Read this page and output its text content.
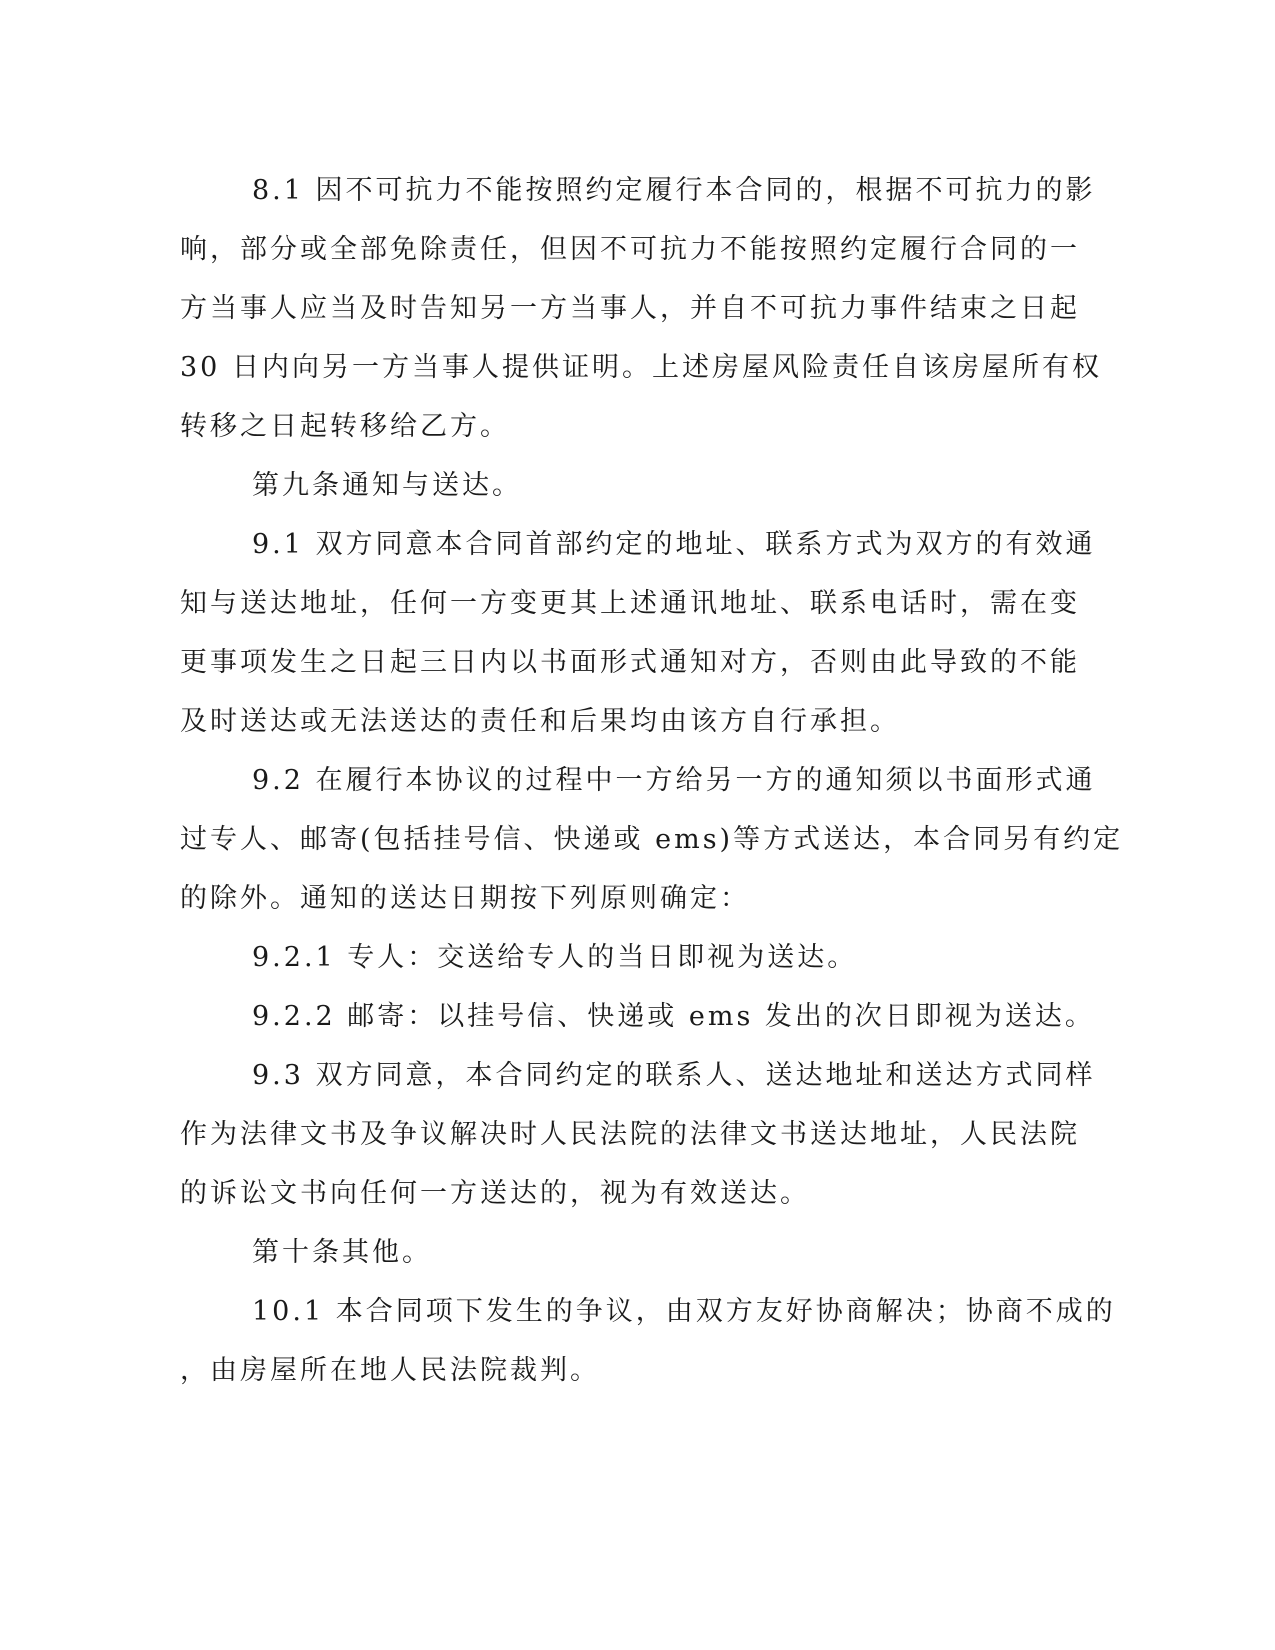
8.1 因不可抗力不能按照约定履行本合同的，根据不可抗力的影
响，部分或全部免除责任，但因不可抗力不能按照约定履行合同的一
方当事人应当及时告知另一方当事人，并自不可抗力事件结束之日起
30 日内向另一方当事人提供证明。上述房屋风险责任自该房屋所有权
转移之日起转移给乙方。
第九条通知与送达。
9.1 双方同意本合同首部约定的地址、联系方式为双方的有效通
知与送达地址，任何一方变更其上述通讯地址、联系电话时，需在变
更事项发生之日起三日内以书面形式通知对方，否则由此导致的不能
及时送达或无法送达的责任和后果均由该方自行承担。
9.2 在履行本协议的过程中一方给另一方的通知须以书面形式通
过专人、邮寄(包括挂号信、快递或 ems)等方式送达，本合同另有约定
的除外。通知的送达日期按下列原则确定：
9.2.1 专人：交送给专人的当日即视为送达。
9.2.2 邮寄：以挂号信、快递或 ems 发出的次日即视为送达。
9.3 双方同意，本合同约定的联系人、送达地址和送达方式同样
作为法律文书及争议解决时人民法院的法律文书送达地址，人民法院
的诉讼文书向任何一方送达的，视为有效送达。
第十条其他。
10.1 本合同项下发生的争议，由双方友好协商解决；协商不成的
，由房屋所在地人民法院裁判。
